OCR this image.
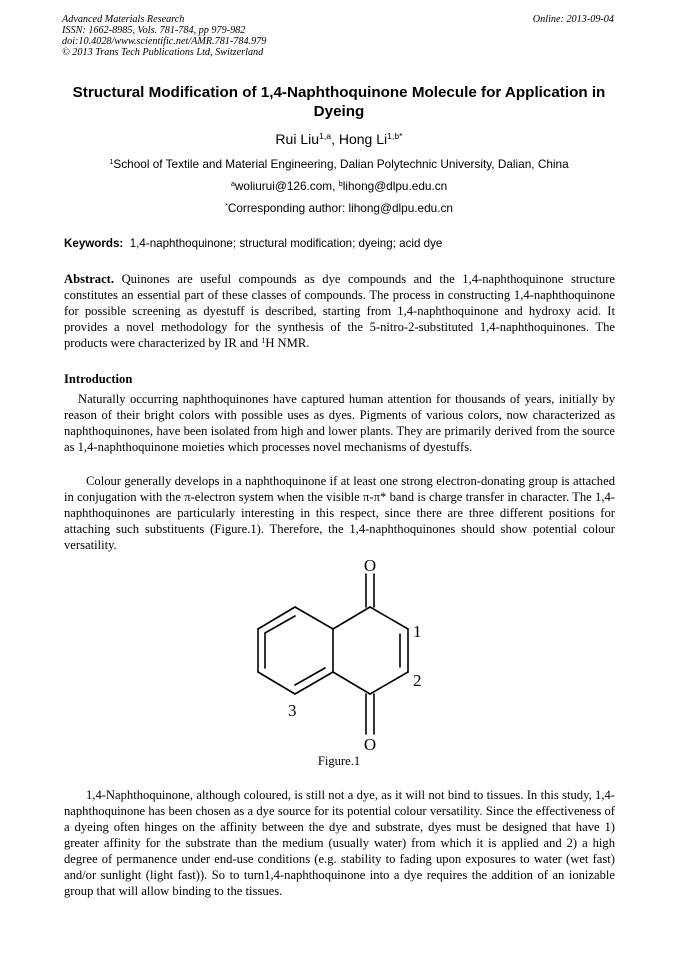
Advanced Materials Research
ISSN: 1662-8985, Vols. 781-784, pp 979-982
doi:10.4028/www.scientific.net/AMR.781-784.979
© 2013 Trans Tech Publications Ltd, Switzerland
Online: 2013-09-04
Structural Modification of 1,4-Naphthoquinone Molecule for Application in Dyeing
Rui Liu$^{1,a}$, Hong $Li^{1,b*}$
$^1$School of Textile and Material Engineering, Dalian Polytechnic University, Dalian, China
$^a$woliurui@126.com, $^b$lihong@dlpu.edu.cn
*Corresponding author: lihong@dlpu.edu.cn
Keywords: 1,4-naphthoquinone; structural modification; dyeing; acid dye
Abstract. Quinones are useful compounds as dye compounds and the 1,4-naphthoquinone structure constitutes an essential part of these classes of compounds. The process in constructing 1,4-naphthoquinone for possible screening as dyestuff is described, starting from 1,4-naphthoquinone and hydroxy acid. It provides a novel methodology for the synthesis of the 5-nitro-2-substituted 1,4-naphthoquinones. The products were characterized by IR and $^1$H NMR.
Introduction
Naturally occurring naphthoquinones have captured human attention for thousands of years, initially by reason of their bright colors with possible uses as dyes. Pigments of various colors, now characterized as naphthoquinones, have been isolated from high and lower plants. They are primarily derived from the source as 1,4-naphthoquinone moieties which processes novel mechanisms of dyestuffs.
Colour generally develops in a naphthoquinone if at least one strong electron-donating group is attached in conjugation with the π-electron system when the visible π-π* band is charge transfer in character. The 1,4-naphthoquinones are particularly interesting in this respect, since there are three different positions for attaching such substituents (Figure.1). Therefore, the 1,4-naphthoquinones should show potential colour versatility.
O
O
1
2
3
Figure.1
1,4-Naphthoquinone, although coloured, is still not a dye, as it will not bind to tissues. In this study, 1,4-naphthoquinone has been chosen as a dye source for its potential colour versatility. Since the effectiveness of a dyeing often hinges on the affinity between the dye and substrate, dyes must be designed that have 1) greater affinity for the substrate than the medium (usually water) from which it is applied and 2) a high degree of permanence under end-use conditions (e.g. stability to fading upon exposures to water (wet fast) and/or sunlight (light fast)). So to turn1,4-naphthoquinone into a dye requires the addition of an ionizable group that will allow binding to the tissues.
